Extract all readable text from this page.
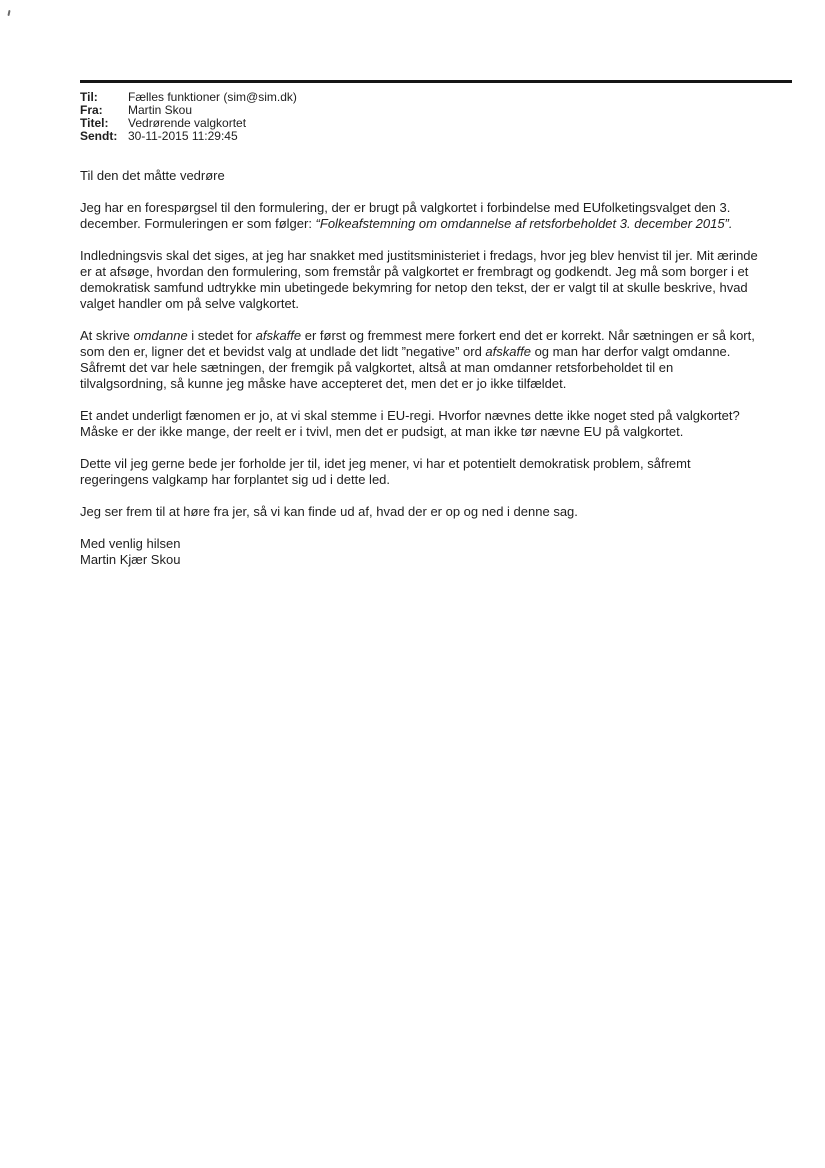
Til:	Fælles funktioner (sim@sim.dk)
Fra:	Martin Skou
Titel:	Vedrørende valgkortet
Sendt: 30-11-2015 11:29:45

Til den det måtte vedrøre

Jeg har en forespørgsel til den formulering, der er brugt på valgkortet i forbindelse med EUfolketingsvalget den 3. december. Formuleringen er som følger: “Folkeafstemning om omdannelse af retsforbeholdet 3. december 2015”.

Indledningsvis skal det siges, at jeg har snakket med justitsministeriet i fredags, hvor jeg blev henvist til jer. Mit ærinde er at afsøge, hvordan den formulering, som fremstår på valgkortet er frembragt og godkendt. Jeg må som borger i et demokratisk samfund udtrykke min ubetingede bekymring for netop den tekst, der er valgt til at skulle beskrive, hvad valget handler om på selve valgkortet.

At skrive omdanne i stedet for afskaffe er først og fremmest mere forkert end det er korrekt. Når sætningen er så kort, som den er, ligner det et bevidst valg at undlade det lidt ”negative” ord afskaffe og man har derfor valgt omdanne. Såfremt det var hele sætningen, der fremgik på valgkortet, altså at man omdanner retsforbeholdet til en tilvalgsordning, så kunne jeg måske have accepteret det, men det er jo ikke tilfældet.

Et andet underligt fænomen er jo, at vi skal stemme i EU-regi. Hvorfor nævnes dette ikke noget sted på valgkortet? Måske er der ikke mange, der reelt er i tvivl, men det er pudsigt, at man ikke tør nævne EU på valgkortet.

Dette vil jeg gerne bede jer forholde jer til, idet jeg mener, vi har et potentielt demokratisk problem, såfremt regeringens valgkamp har forplantet sig ud i dette led.

Jeg ser frem til at høre fra jer, så vi kan finde ud af, hvad der er op og ned i denne sag.

Med venlig hilsen
Martin Kjær Skou
